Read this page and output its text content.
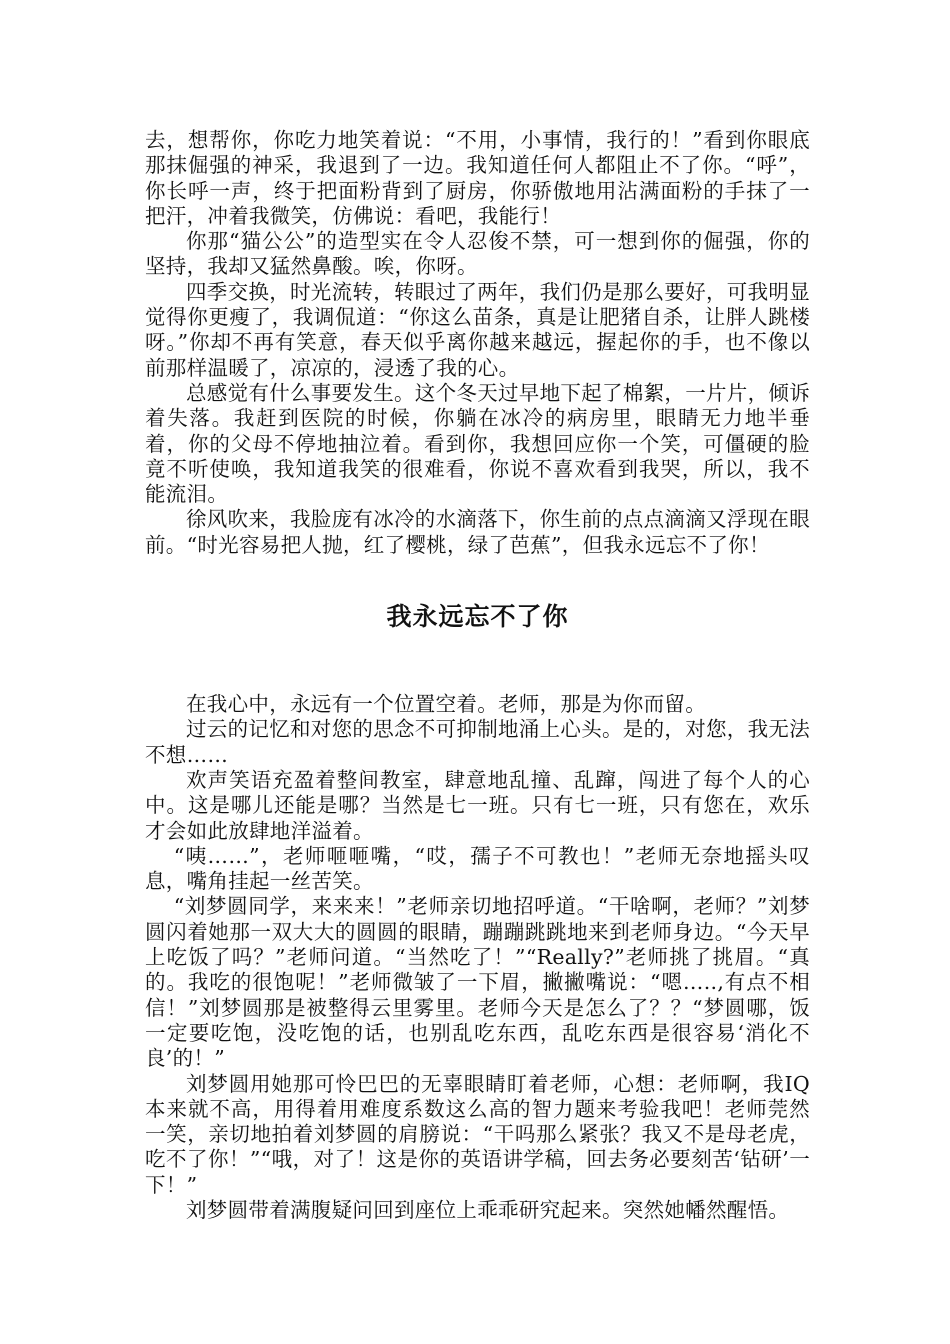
去，想帮你，你吃力地笑着说：“不用，小事情，我行的！”看到你眼底那抹倔强的神采，我退到了一边。我知道任何人都阻止不了你。“呼”，你长呼一声，终于把面粉背到了厨房，你骄傲地用沾满面粉的手抹了一把汗，冲着我微笑，仿佛说：看吧，我能行！

你那“猫公公”的造型实在令人忍俊不禁，可一想到你的倔强，你的坚持，我却又猛然鼻酸。唉，你呀。

四季交换，时光流转，转眼过了两年，我们仍是那么要好，可我明显觉得你更瘦了，我调侃道：“你这么苗条，真是让肥猪自杀，让胖人跳楼呀。”你却不再有笑意，春天似乎离你越来越远，握起你的手，也不像以前那样温暖了，凉凉的，浸透了我的心。

总感觉有什么事要发生。这个冬天过早地下起了棉絮，一片片，倾诉着失落。我赶到医院的时候，你躺在冰冷的病房里，眼睛无力地半垂着，你的父母不停地抽泣着。看到你，我想回应你一个笑，可僵硬的脸竟不听使唤，我知道我笑的很难看，你说不喜欢看到我哭，所以，我不能流泪。

徐风吹来，我脸庞有冰冷的水滴落下，你生前的点点滴滴又浮现在眼前。“时光容易把人抛，红了樱桃，绿了芭蕉”，但我永远忘不了你！

我永远忘不了你

在我心中，永远有一个位置空着。老师，那是为你而留。

过云的记忆和对您的思念不可抑制地涌上心头。是的，对您，我无法不想……

欢声笑语充盈着整间教室，肆意地乱撞、乱蹿，闯进了每个人的心中。这是哪儿还能是哪？当然是七一班。只有七一班，只有您在，欢乐才会如此放肆地洋溢着。

“咦……”，老师咂咂嘴，“哎，孺子不可教也！”老师无奈地摇头叹息，嘴角挂起一丝苦笑。

“刘梦圆同学，来来来！”老师亲切地招呼道。“干啥啊，老师？”刘梦圆闪着她那一双大大的圆圆的眼睛，蹦蹦跳跳地来到老师身边。“今天早上吃饭了吗？”老师问道。“当然吃了！”“Really?”老师挑了挑眉。“真的。我吃的很饱呢！”老师微皱了一下眉，撇撇嘴说：“嗯…..,有点不相信！”刘梦圆那是被整得云里雾里。老师今天是怎么了？？“梦圆哪，饭一定要吃饱，没吃饱的话，也别乱吃东西，乱吃东西是很容易‘消化不良’的！”

刘梦圆用她那可怜巴巴的无辜眼睛盯着老师，心想：老师啊，我IQ本来就不高，用得着用难度系数这么高的智力题来考验我吧！老师莞然一笑，亲切地拍着刘梦圆的肩膀说：“干吗那么紧张？我又不是母老虎，吃不了你！”“哦，对了！这是你的英语讲学稿，回去务必要刻苦‘钻研’一下！”

刘梦圆带着满腹疑问回到座位上乖乖研究起来。突然她幡然醒悟。
